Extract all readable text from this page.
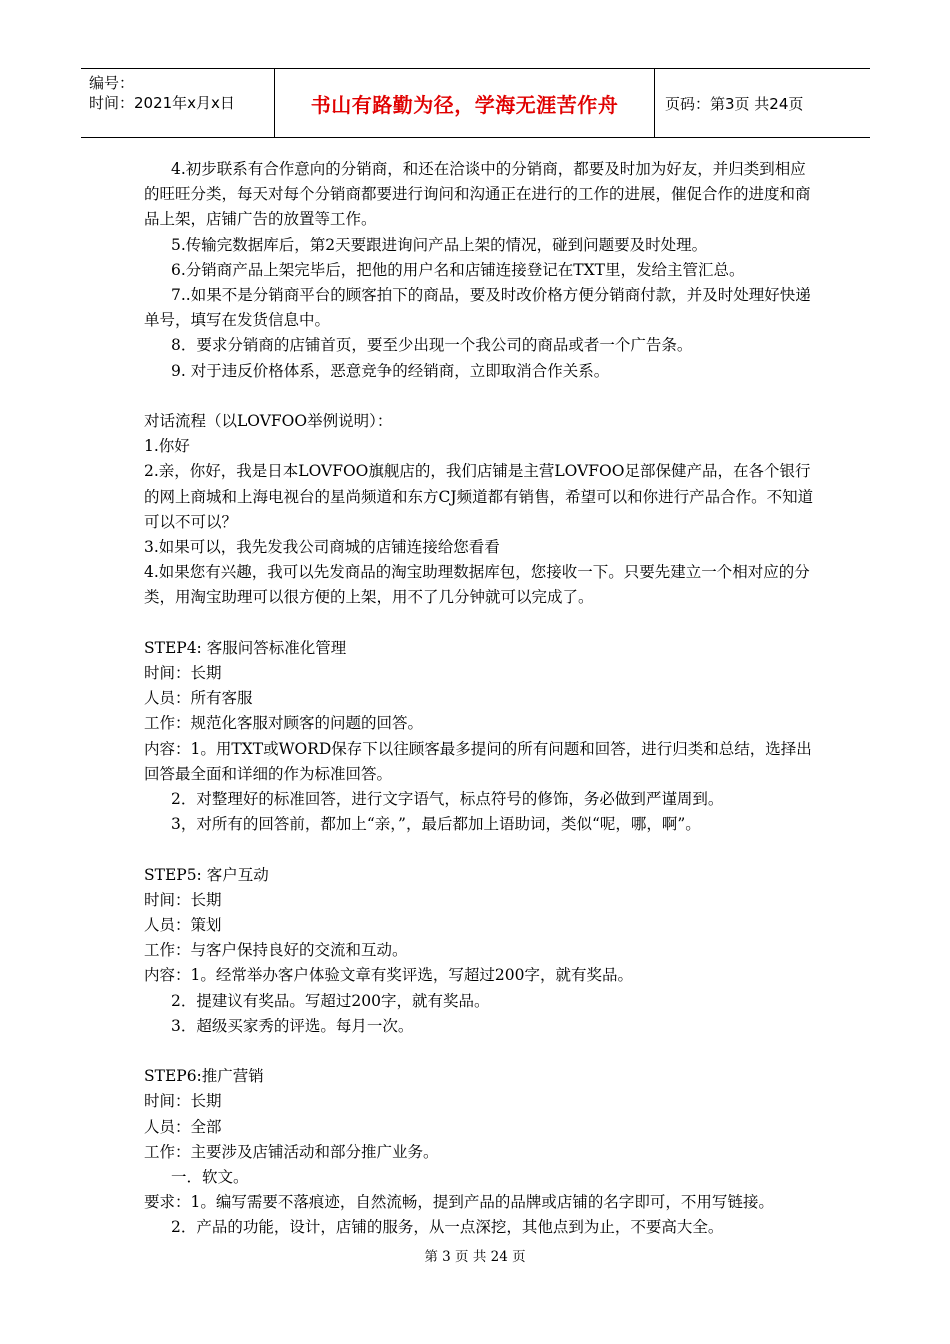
编号：
时间：2021年x月x日	书山有路勤为径，学海无涯苦作舟	页码：第3页 共24页

4.初步联系有合作意向的分销商，和还在洽谈中的分销商，都要及时加为好友，并归类到相应的旺旺分类，每天对每个分销商都要进行询问和沟通正在进行的工作的进展，催促合作的进度和商品上架，店铺广告的放置等工作。

5.传输完数据库后，第2天要跟进询问产品上架的情况，碰到问题要及时处理。

6.分销商产品上架完毕后，把他的用户名和店铺连接登记在TXT里，发给主管汇总。

7..如果不是分销商平台的顾客拍下的商品，要及时改价格方便分销商付款，并及时处理好快递单号，填写在发货信息中。

8．要求分销商的店铺首页，要至少出现一个我公司的商品或者一个广告条。

9. 对于违反价格体系，恶意竞争的经销商，立即取消合作关系。

对话流程（以LOVFOO举例说明）：

1.你好

2.亲，你好，我是日本LOVFOO旗舰店的，我们店铺是主营LOVFOO足部保健产品，在各个银行的网上商城和上海电视台的星尚频道和东方CJ频道都有销售，希望可以和你进行产品合作。不知道可以不可以？

3.如果可以，我先发我公司商城的店铺连接给您看看

4.如果您有兴趣，我可以先发商品的淘宝助理数据库包，您接收一下。只要先建立一个相对应的分类，用淘宝助理可以很方便的上架，用不了几分钟就可以完成了。

STEP4: 客服问答标准化管理

时间：长期

人员：所有客服

工作：规范化客服对顾客的问题的回答。

内容：1。用TXT或WORD保存下以往顾客最多提问的所有问题和回答，进行归类和总结，选择出回答最全面和详细的作为标准回答。

2．对整理好的标准回答，进行文字语气，标点符号的修饰，务必做到严谨周到。

3，对所有的回答前，都加上“亲，”，最后都加上语助词，类似“呢，哪，啊”。

STEP5: 客户互动

时间：长期

人员：策划

工作：与客户保持良好的交流和互动。

内容：1。经常举办客户体验文章有奖评选，写超过200字，就有奖品。

2．提建议有奖品。写超过200字，就有奖品。

3．超级买家秀的评选。每月一次。

STEP6:推广营销

时间：长期

人员：全部

工作：主要涉及店铺活动和部分推广业务。

一．软文。

要求：1。编写需要不落痕迹，自然流畅，提到产品的品牌或店铺的名字即可，不用写链接。

2．产品的功能，设计，店铺的服务，从一点深挖，其他点到为止，不要高大全。

第 3 页 共 24 页
